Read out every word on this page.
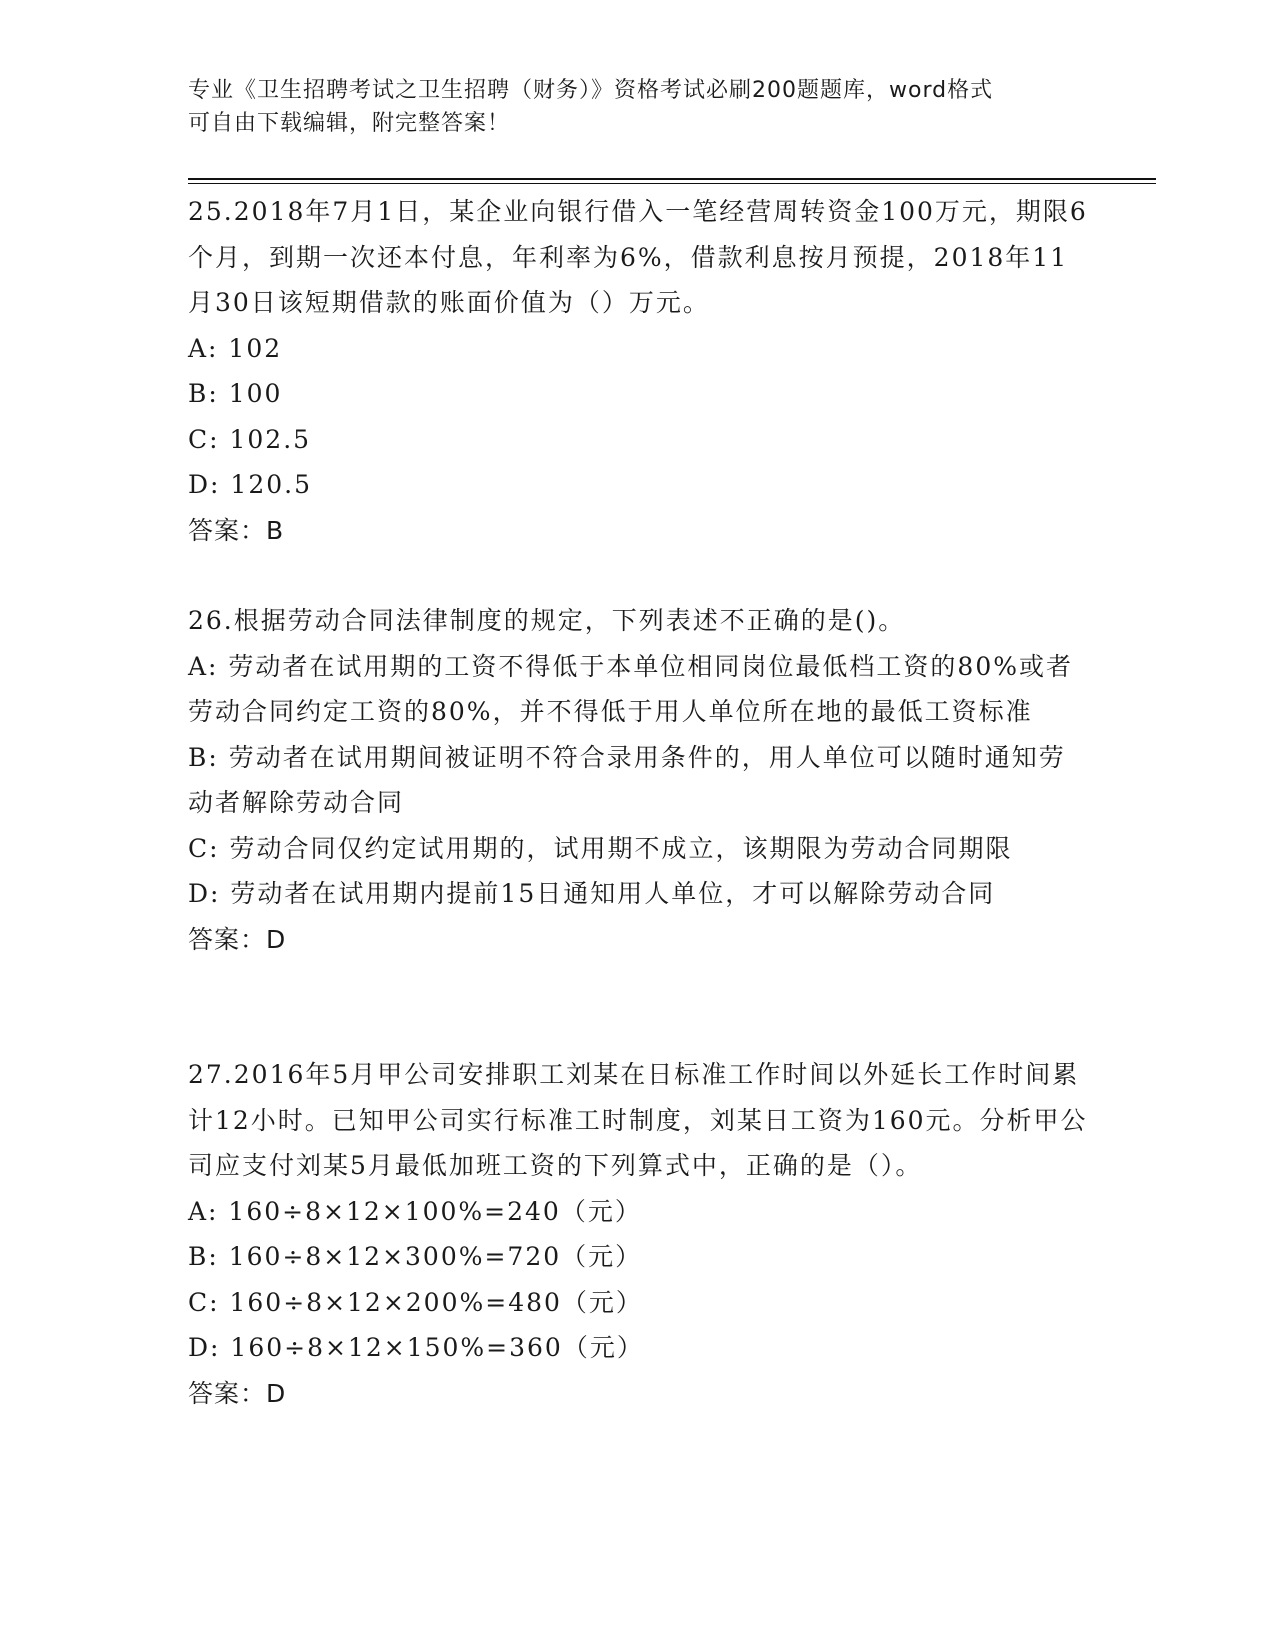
专业《卫生招聘考试之卫生招聘（财务）》资格考试必刷200题题库，word格式
可自由下载编辑，附完整答案！

25.2018年7月1日，某企业向银行借入一笔经营周转资金100万元，期限6个月，到期一次还本付息，年利率为6%，借款利息按月预提，2018年11月30日该短期借款的账面价值为（）万元。

A: 102

B: 100

C: 102.5

D: 120.5

答案：B

26.根据劳动合同法律制度的规定，下列表述不正确的是()。

A: 劳动者在试用期的工资不得低于本单位相同岗位最低档工资的80%或者劳动合同约定工资的80%，并不得低于用人单位所在地的最低工资标准

B: 劳动者在试用期间被证明不符合录用条件的，用人单位可以随时通知劳动者解除劳动合同

C: 劳动合同仅约定试用期的，试用期不成立，该期限为劳动合同期限

D: 劳动者在试用期内提前15日通知用人单位，才可以解除劳动合同

答案：D

27.2016年5月甲公司安排职工刘某在日标准工作时间以外延长工作时间累计12小时。已知甲公司实行标准工时制度，刘某日工资为160元。分析甲公司应支付刘某5月最低加班工资的下列算式中，正确的是（）。

A: 160÷8×12×100%=240（元）

B: 160÷8×12×300%=720（元）

C: 160÷8×12×200%=480（元）

D: 160÷8×12×150%=360（元）

答案：D
